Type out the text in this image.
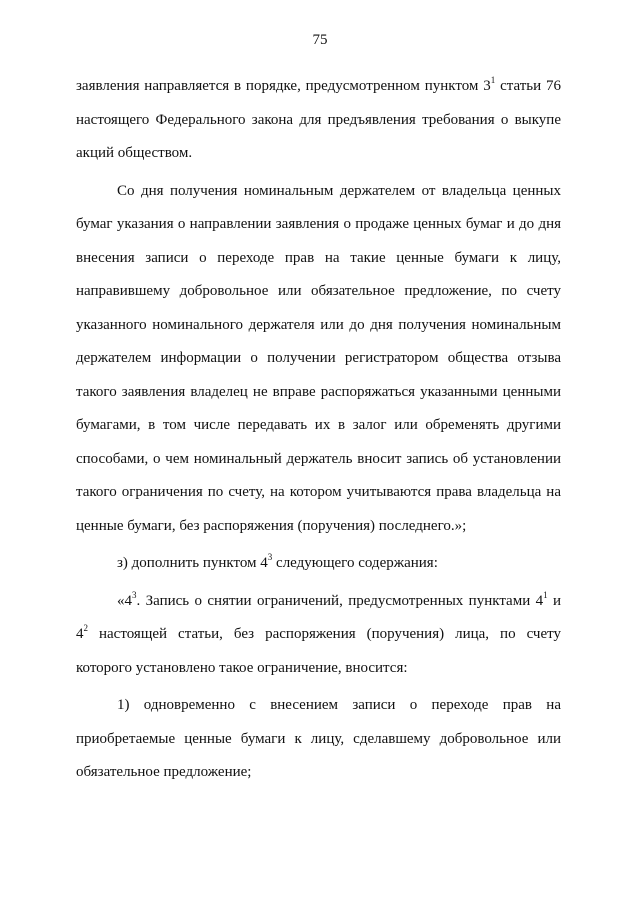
75

заявления направляется в порядке, предусмотренном пунктом $3^1$ статьи 76 настоящего Федерального закона для предъявления требования о выкупе акций обществом.

Со дня получения номинальным держателем от владельца ценных бумаг указания о направлении заявления о продаже ценных бумаг и до дня внесения записи о переходе прав на такие ценные бумаги к лицу, направившему добровольное или обязательное предложение, по счету указанного номинального держателя или до дня получения номинальным держателем информации о получении регистратором общества отзыва такого заявления владелец не вправе распоряжаться указанными ценными бумагами, в том числе передавать их в залог или обременять другими способами, о чем номинальный держатель вносит запись об установлении такого ограничения по счету, на котором учитываются права владельца на ценные бумаги, без распоряжения (поручения) последнего.»;

з) дополнить пунктом $4^3$ следующего содержания:

«$4^3$. Запись о снятии ограничений, предусмотренных пунктами $4^1$ и $4^2$ настоящей статьи, без распоряжения (поручения) лица, по счету которого установлено такое ограничение, вносится:

1) одновременно с внесением записи о переходе прав на приобретаемые ценные бумаги к лицу, сделавшему добровольное или обязательное предложение;
